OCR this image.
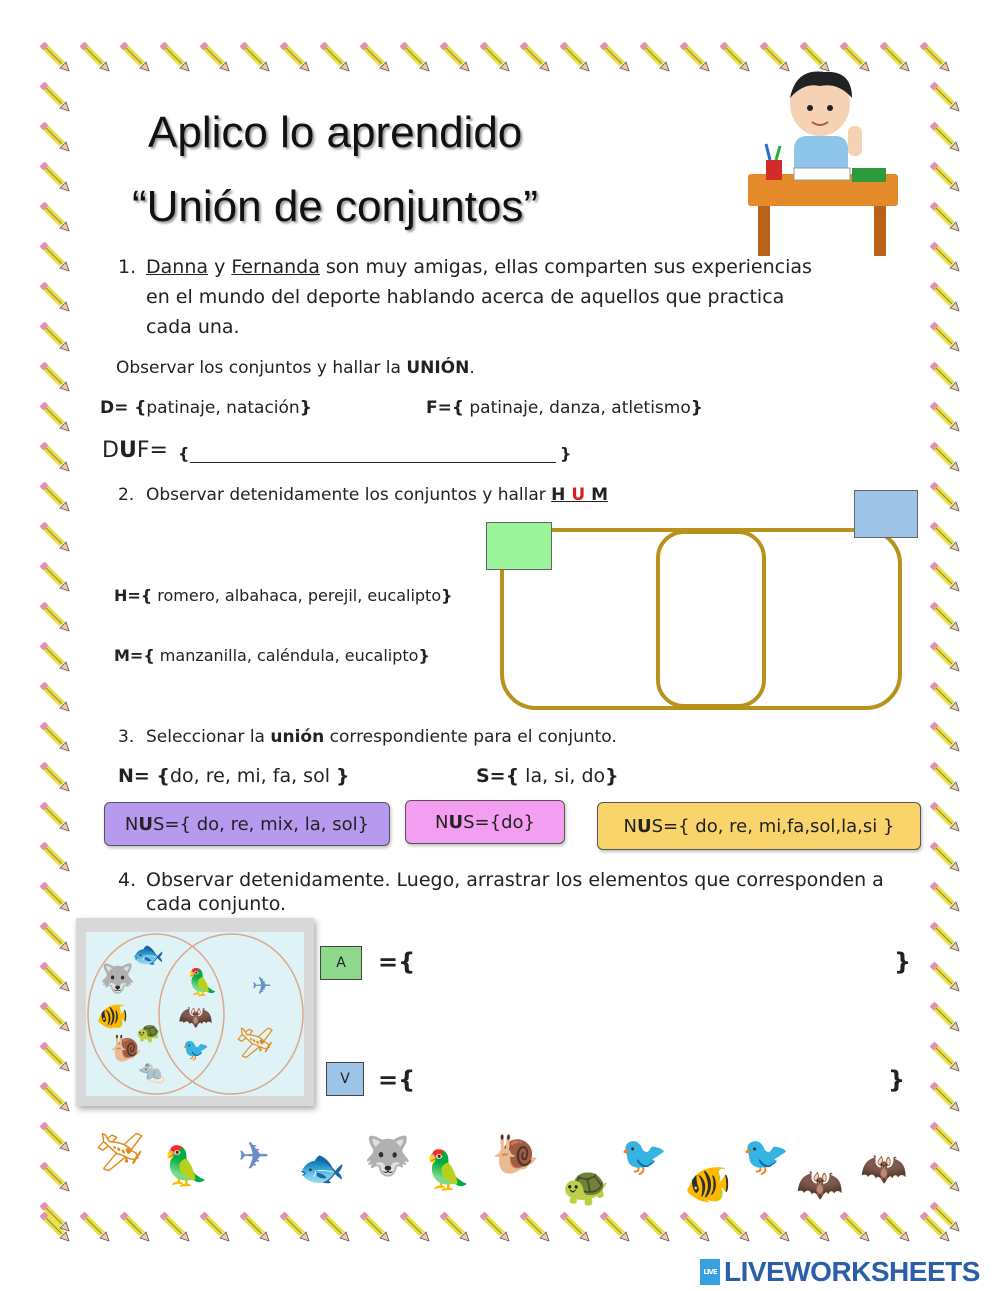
Aplico lo aprendido
“Unión de conjuntos”
1. Danna y Fernanda son muy amigas, ellas comparten sus experiencias
en el mundo del deporte hablando acerca de aquellos que practica
cada una.
Observar los conjuntos y hallar la UNIÓN.
D= {patinaje, natación}	F={ patinaje, danza, atletismo}
DUF= {	}
2. Observar detenidamente los conjuntos y hallar H U M
H={ romero, albahaca, perejil, eucalipto}
M={ manzanilla, caléndula, eucalipto}
3. Seleccionar la unión correspondiente para el conjunto.
N= {do, re, mi, fa, sol }	S={ la, si, do}
N U S={ do, re, mix, la, sol}	N U S={do}	N U S={ do, re, mi,fa,sol,la,si }
4. Observar detenidamente. Luego, arrastrar los elementos que corresponden a
cada conjunto.
🐟
🐺 🦜 ✈
🐠 🐢 🦇
🐌 🐦 🛩
🐀
A	={	}
V	={	}
🛩 🦜 ✈ 🐟 🐺 🦜 🐌
🐢
🐦
🐠
🐦
🦇 🦇
LIVE LIVEWORKSHEETS
